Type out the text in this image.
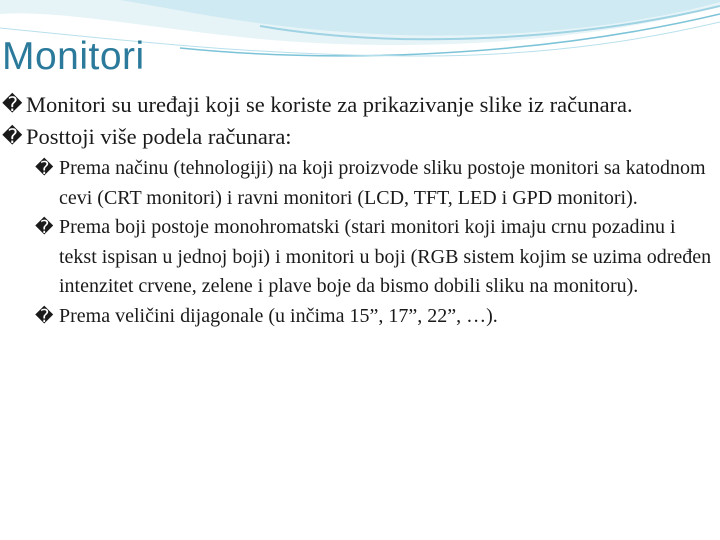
Monitori
� Monitori su uređaji koji se koriste za prikazivanje slike iz računara.
� Posttoji više podela računara:
� Prema načinu (tehnologiji) na koji proizvode sliku postoje monitori sa katodnom cevi (CRT monitori) i ravni monitori (LCD, TFT, LED i GPD monitori).
� Prema boji postoje monohromatski (stari monitori koji imaju crnu pozadinu i tekst ispisan u jednoj boji) i monitori u boji (RGB sistem kojim se uzima određen intenzitet crvene, zelene i plave boje da bismo dobili sliku na monitoru).
� Prema veličini dijagonale (u inčima 15”, 17”, 22”, …).
